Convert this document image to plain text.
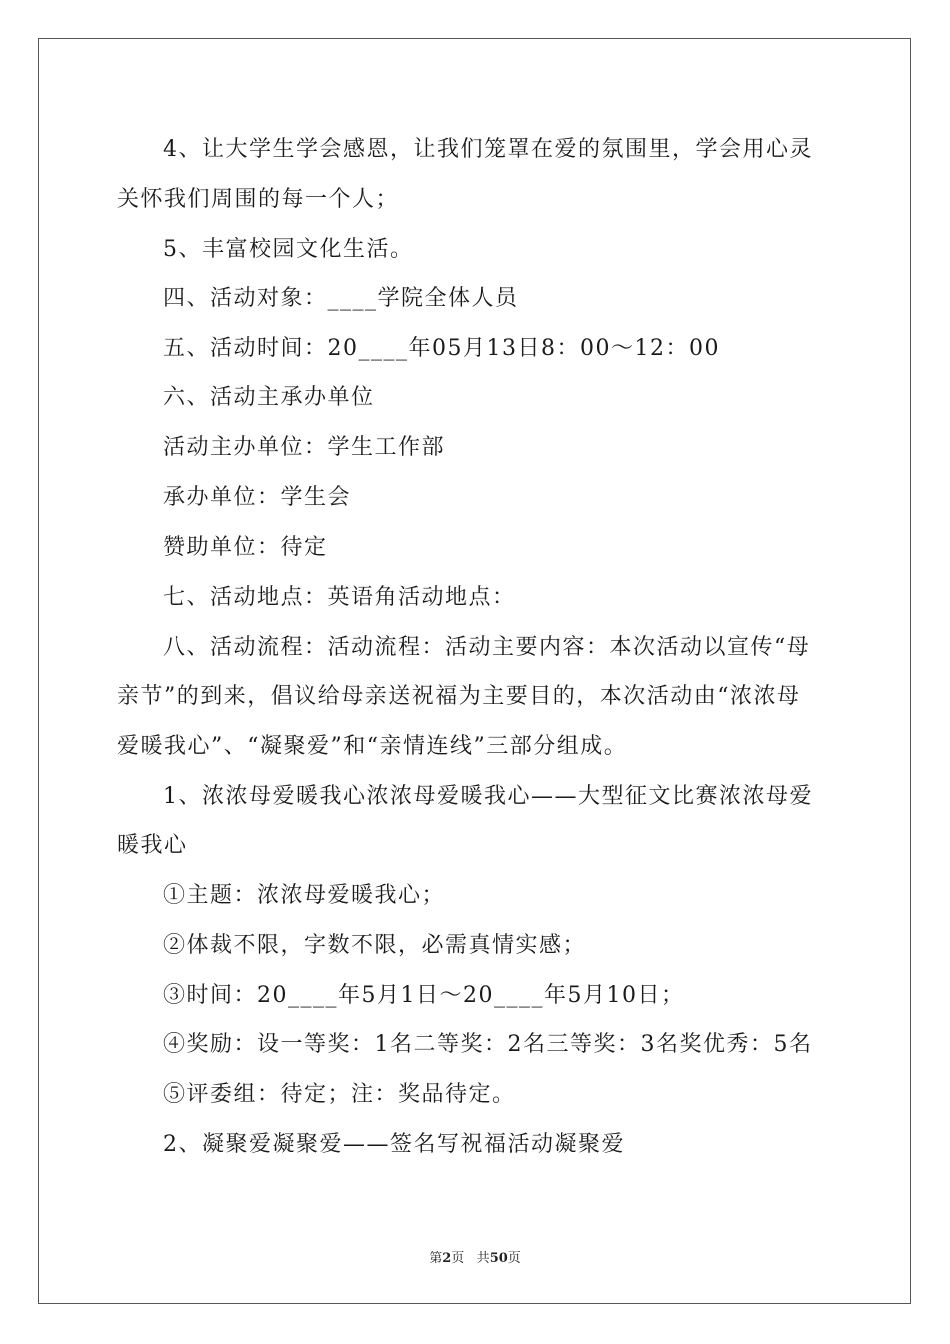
4、让大学生学会感恩，让我们笼罩在爱的氛围里，学会用心灵
关怀我们周围的每一个人；
5、丰富校园文化生活。
四、活动对象：____学院全体人员
五、活动时间：20____年05月13日8：00～12：00
六、活动主承办单位
活动主办单位：学生工作部
承办单位：学生会
赞助单位：待定
七、活动地点：英语角活动地点：
八、活动流程：活动流程：活动主要内容：本次活动以宣传“母
亲节”的到来，倡议给母亲送祝福为主要目的，本次活动由“浓浓母
爱暖我心”、“凝聚爱”和“亲情连线”三部分组成。
1、浓浓母爱暖我心浓浓母爱暖我心——大型征文比赛浓浓母爱
暖我心
①主题：浓浓母爱暖我心；
②体裁不限，字数不限，必需真情实感；
③时间：20____年5月1日～20____年5月10日；
④奖励：设一等奖：1名二等奖：2名三等奖：3名奖优秀：5名
⑤评委组：待定；注：奖品待定。
2、凝聚爱凝聚爱——签名写祝福活动凝聚爱
第2页 共50页
